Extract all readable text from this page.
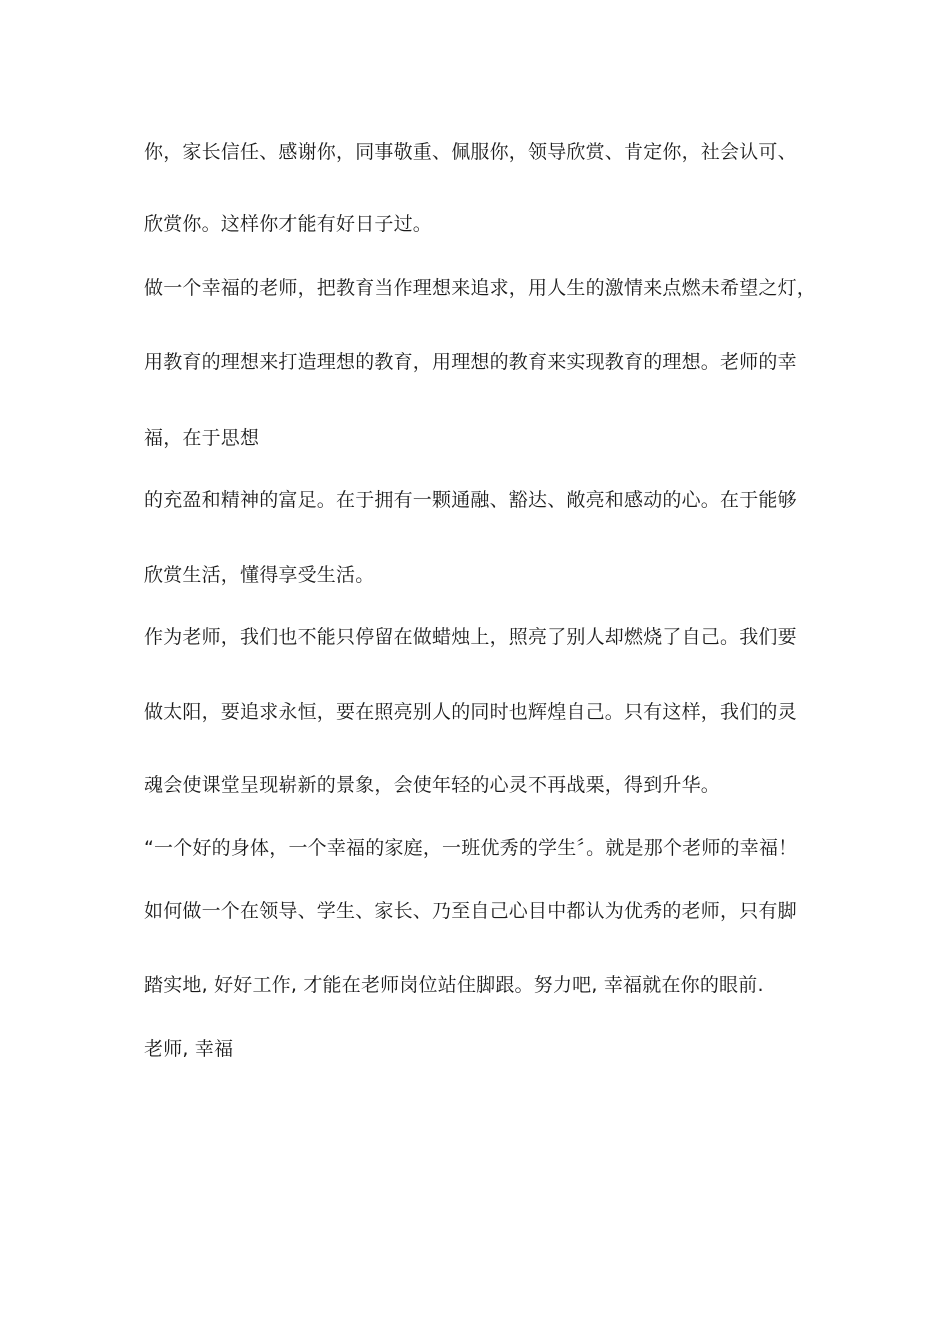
你，家长信任、感谢你，同事敬重、佩服你，领导欣赏、肯定你，社会认可、

欣赏你。这样你才能有好日子过。

做一个幸福的老师，把教育当作理想来追求，用人生的激情来点燃未希望之灯，

用教育的理想来打造理想的教育，用理想的教育来实现教育的理想。老师的幸

福，在于思想

的充盈和精神的富足。在于拥有一颗通融、豁达、敞亮和感动的心。在于能够

欣赏生活，懂得享受生活。

作为老师，我们也不能只停留在做蜡烛上，照亮了别人却燃烧了自己。我们要

做太阳，要追求永恒，要在照亮别人的同时也辉煌自己。只有这样，我们的灵

魂会使课堂呈现崭新的景象，会使年轻的心灵不再战栗，得到升华。

“一个好的身体，一个幸福的家庭，一班优秀的学生〞。就是那个老师的幸福！

如何做一个在领导、学生、家长、乃至自己心目中都认为优秀的老师，只有脚

踏实地, 好好工作, 才能在老师岗位站住脚跟。努力吧, 幸福就在你的眼前.

老师, 幸福
